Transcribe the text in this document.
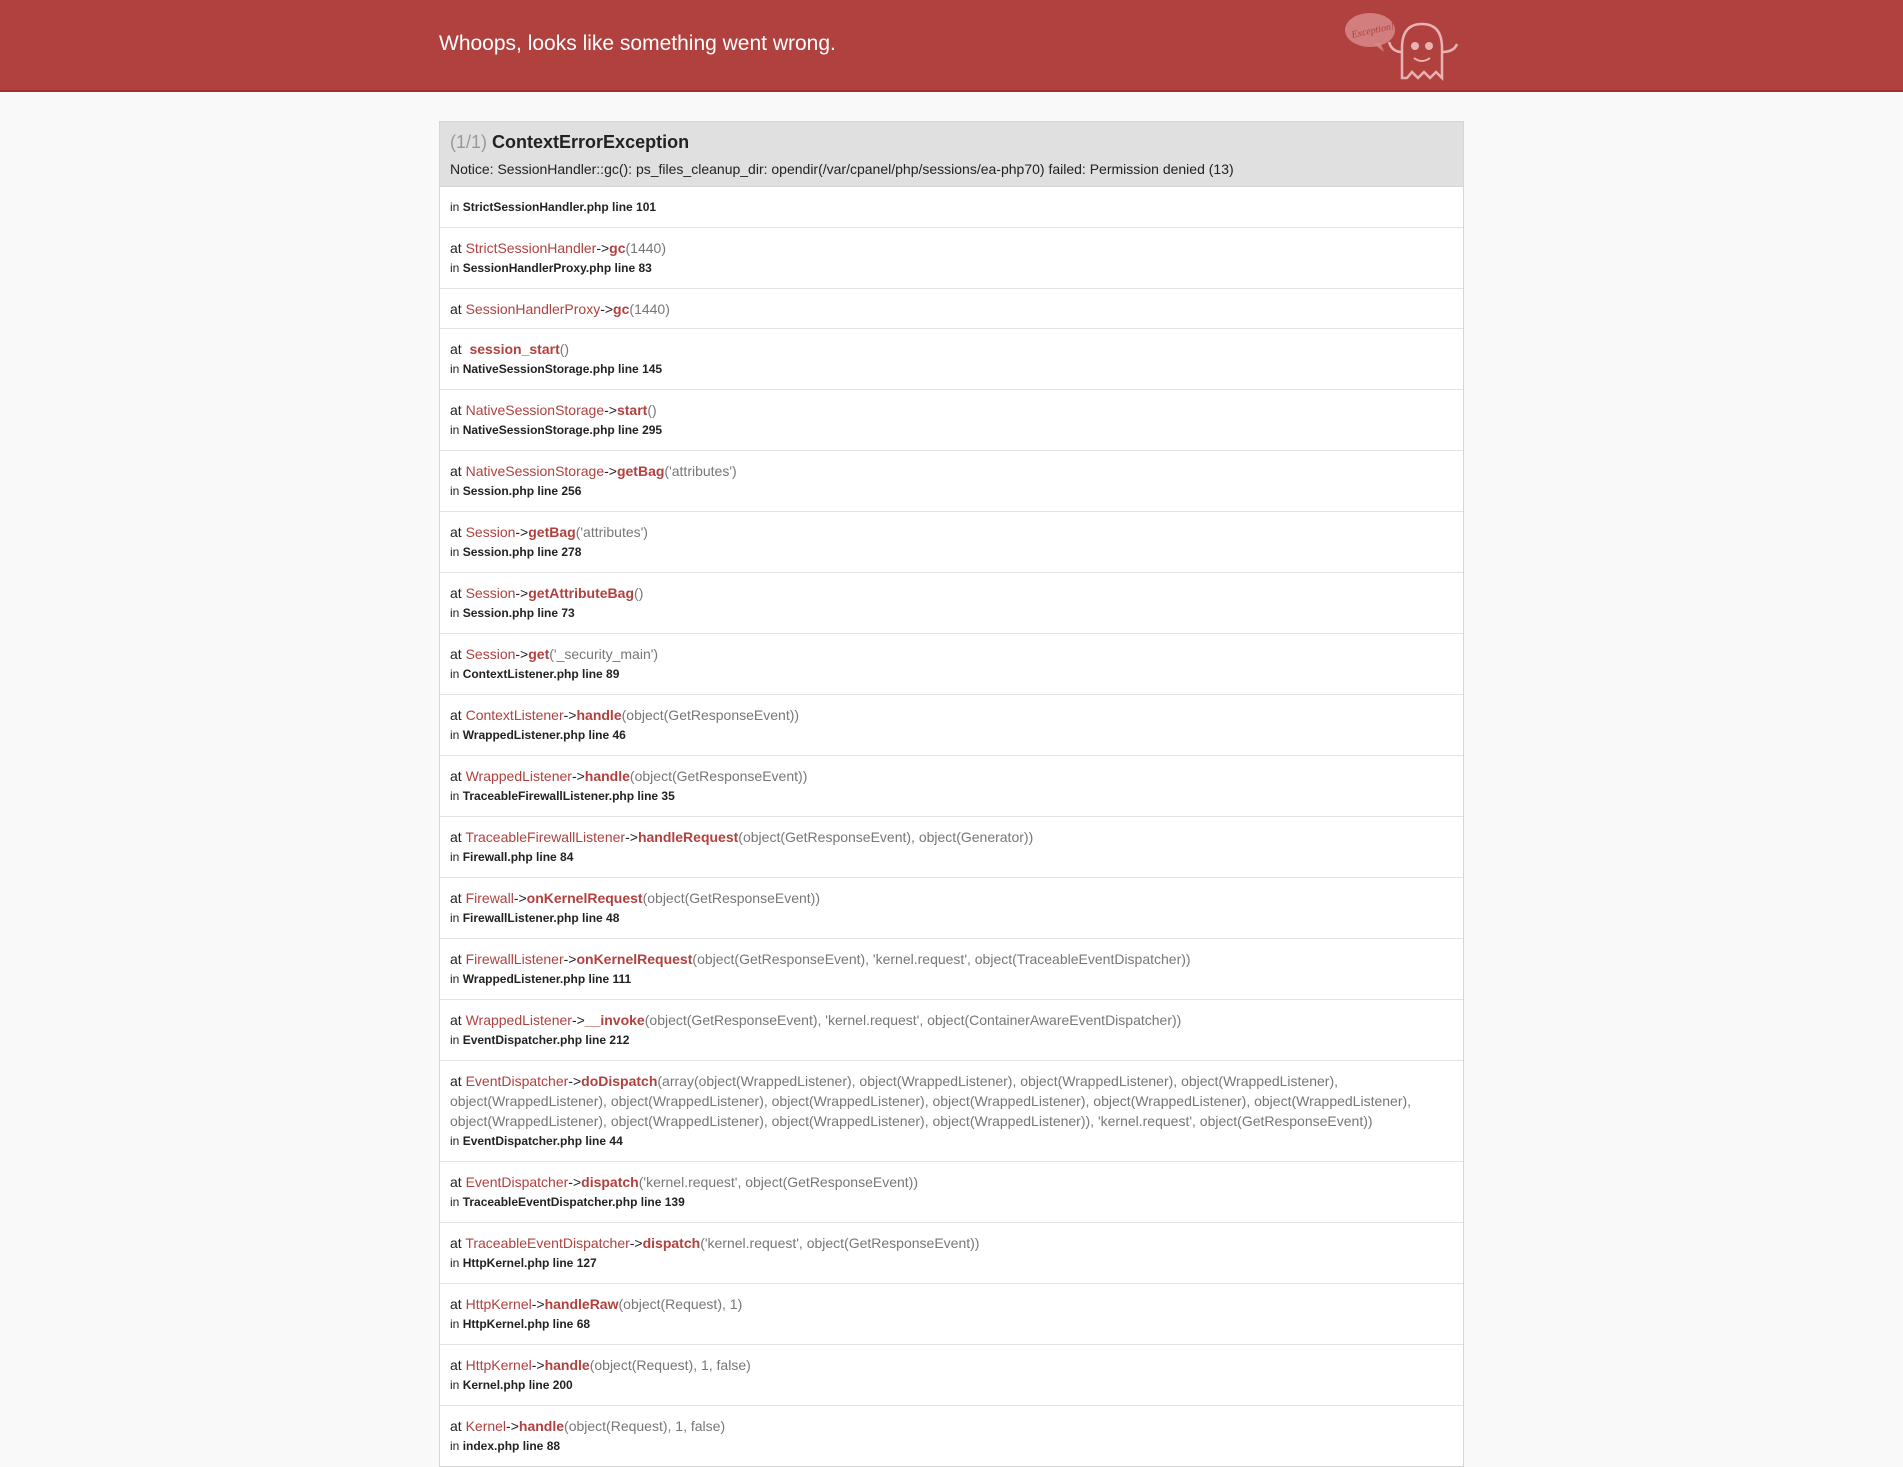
Whoops, looks like something went wrong.
Exception!
(1/1) ContextErrorException
Notice: SessionHandler::gc(): ps_files_cleanup_dir: opendir(/var/cpanel/php/sessions/ea-php70) failed: Permission denied (13)
in StrictSessionHandler.php line 101
at StrictSessionHandler->gc(1440)
in SessionHandlerProxy.php line 83
at SessionHandlerProxy->gc(1440)
at  session_start()
in NativeSessionStorage.php line 145
at NativeSessionStorage->start()
in NativeSessionStorage.php line 295
at NativeSessionStorage->getBag('attributes')
in Session.php line 256
at Session->getBag('attributes')
in Session.php line 278
at Session->getAttributeBag()
in Session.php line 73
at Session->get('_security_main')
in ContextListener.php line 89
at ContextListener->handle(object(GetResponseEvent))
in WrappedListener.php line 46
at WrappedListener->handle(object(GetResponseEvent))
in TraceableFirewallListener.php line 35
at TraceableFirewallListener->handleRequest(object(GetResponseEvent), object(Generator))
in Firewall.php line 84
at Firewall->onKernelRequest(object(GetResponseEvent))
in FirewallListener.php line 48
at FirewallListener->onKernelRequest(object(GetResponseEvent), 'kernel.request', object(TraceableEventDispatcher))
in WrappedListener.php line 111
at WrappedListener->__invoke(object(GetResponseEvent), 'kernel.request', object(ContainerAwareEventDispatcher))
in EventDispatcher.php line 212
at EventDispatcher->doDispatch(array(object(WrappedListener), object(WrappedListener), object(WrappedListener), object(WrappedListener), object(WrappedListener), object(WrappedListener), object(WrappedListener), object(WrappedListener), object(WrappedListener), object(WrappedListener), object(WrappedListener), object(WrappedListener), object(WrappedListener), object(WrappedListener)), 'kernel.request', object(GetResponseEvent))
in EventDispatcher.php line 44
at EventDispatcher->dispatch('kernel.request', object(GetResponseEvent))
in TraceableEventDispatcher.php line 139
at TraceableEventDispatcher->dispatch('kernel.request', object(GetResponseEvent))
in HttpKernel.php line 127
at HttpKernel->handleRaw(object(Request), 1)
in HttpKernel.php line 68
at HttpKernel->handle(object(Request), 1, false)
in Kernel.php line 200
at Kernel->handle(object(Request), 1, false)
in index.php line 88
